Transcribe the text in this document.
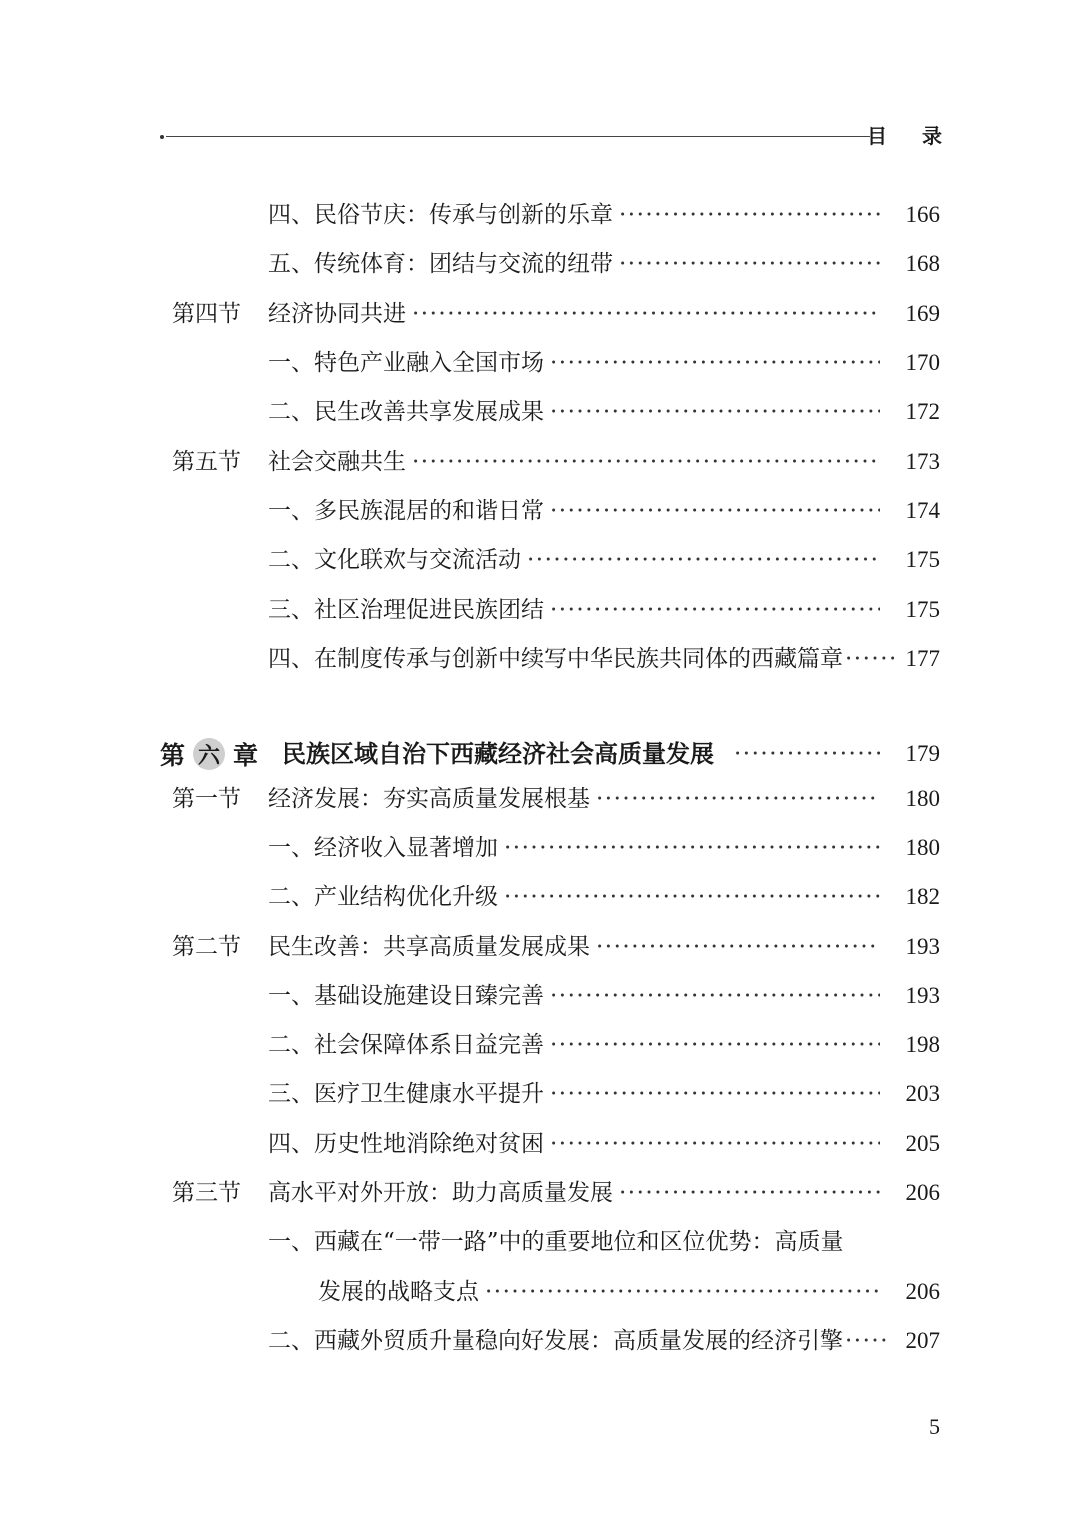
目 录
四、民俗节庆：传承与创新的乐章 ·····	166
五、传统体育：团结与交流的纽带 ·····	168
第四节	经济协同共进 ·····	169
一、特色产业融入全国市场 ·····	170
二、民生改善共享发展成果 ·····	172
第五节	社会交融共生 ·····	173
一、多民族混居的和谐日常 ·····	174
二、文化联欢与交流活动 ·····	175
三、社区治理促进民族团结 ·····	175
四、在制度传承与创新中续写中华民族共同体的西藏篇章 ·····	177
第 六 章 民族区域自治下西藏经济社会高质量发展 ·····	179
第一节	经济发展：夯实高质量发展根基 ·····	180
一、经济收入显著增加 ·····	180
二、产业结构优化升级 ·····	182
第二节	民生改善：共享高质量发展成果 ·····	193
一、基础设施建设日臻完善 ·····	193
二、社会保障体系日益完善 ·····	198
三、医疗卫生健康水平提升 ·····	203
四、历史性地消除绝对贫困 ·····	205
第三节	高水平对外开放：助力高质量发展 ·····	206
一、西藏在“一带一路”中的重要地位和区位优势：高质量
发展的战略支点 ·····	206
二、西藏外贸质升量稳向好发展：高质量发展的经济引擎 ·····	207
5
